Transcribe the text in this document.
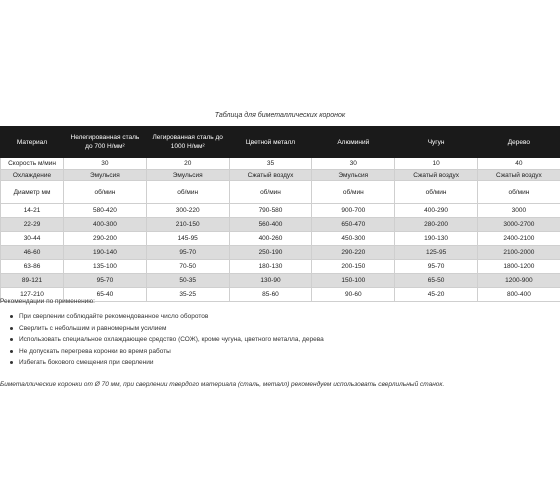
Таблица для биметаллических коронок
Материал	Нелегированная сталь до 700 Н/мм²	Легированная сталь до 1000 Н/мм²	Цветной металл	Алюминий	Чугун	Дерево
Скорость м/мин	30	20	35	30	10	40
Охлаждение	Эмульсия	Эмульсия	Сжатый воздух	Эмульсия	Сжатый воздух	Сжатый воздух
Диаметр мм	об/мин	об/мин	об/мин	об/мин	об/мин	об/мин
14-21	580-420	300-220	790-580	900-700	400-290	3000
22-29	400-300	210-150	560-400	650-470	280-200	3000-2700
30-44	290-200	145-95	400-260	450-300	190-130	2400-2100
46-60	190-140	95-70	250-190	290-220	125-95	2100-2000
63-86	135-100	70-50	180-130	200-150	95-70	1800-1200
89-121	95-70	50-35	130-90	150-100	65-50	1200-900
127-210	65-40	35-25	85-60	90-60	45-20	800-400
Рекомендации по применению:
При сверлении соблюдайте рекомендованное число оборотов
Сверлить с небольшим и равномерным усилием
Использовать специальное охлаждающее средство (СОЖ), кроме чугуна, цветного металла, дерева
Не допускать перегрева коронки во время работы
Избегать бокового смещения при сверлении
Биметаллические коронки от Ø 70 мм, при сверлении твердого материала (сталь, металл) рекомендуем использовать сверлильный станок.
